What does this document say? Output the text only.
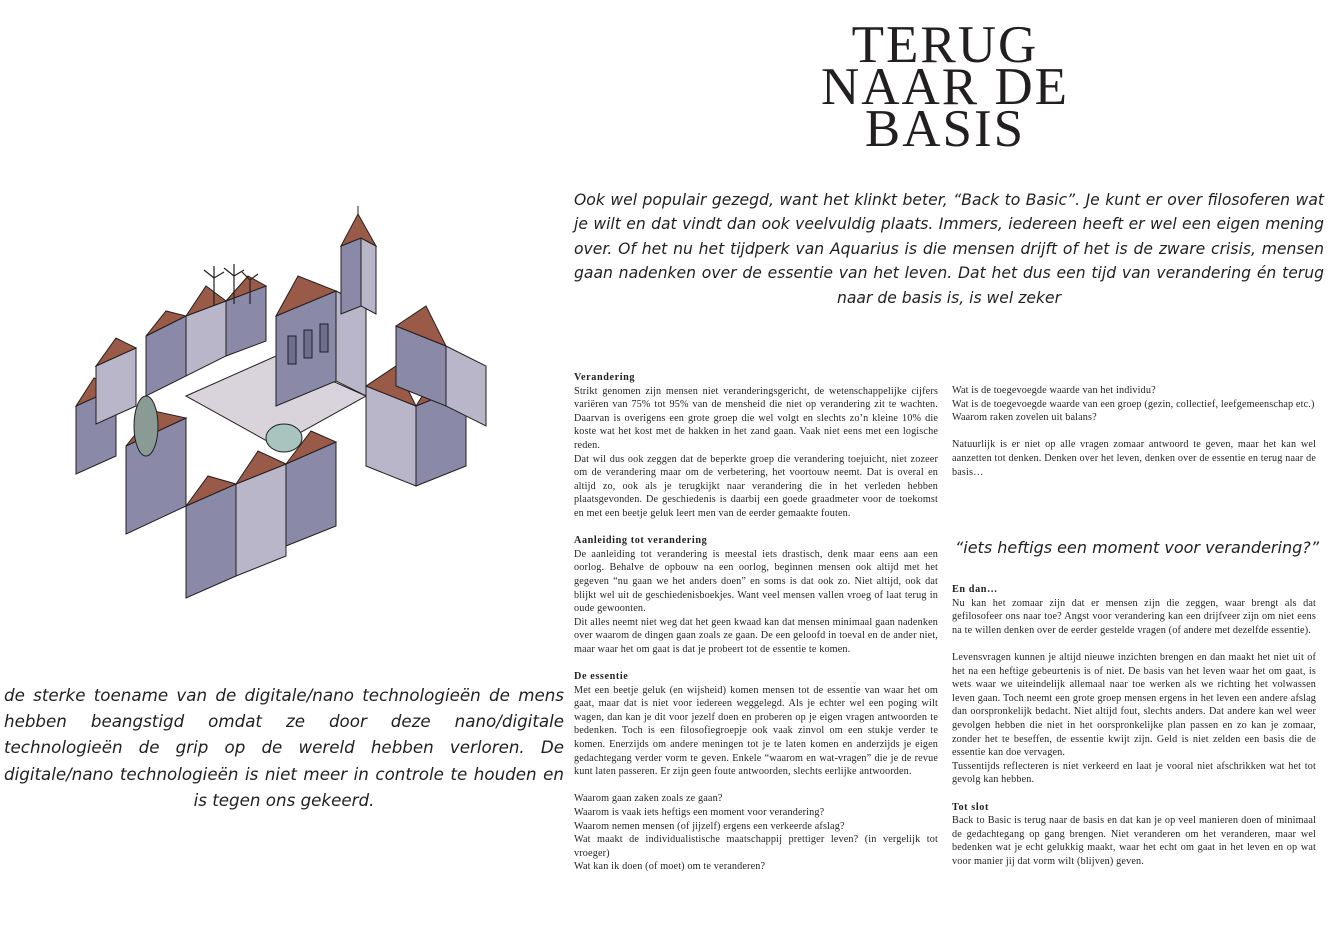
TERUG
NAAR DE
BASIS
Ook wel populair gezegd, want het klinkt beter, “Back to Basic”. Je kunt er over filosoferen wat je wilt en dat vindt dan ook veelvuldig plaats. Immers, iedereen heeft er wel een eigen mening over. Of het nu het tijdperk van Aquarius is die mensen drijft of het is de zware crisis, mensen gaan nadenken over de essentie van het leven. Dat het dus een tijd van verandering én terug naar de basis is, is wel zeker
de sterke toename van de digitale/nano technologieën de mens hebben beangstigd omdat ze door deze nano/digitale technologieën de grip op de wereld hebben verloren. De digitale/nano technologieën is niet meer in controle te houden en is tegen ons gekeerd.
Verandering

Strikt genomen zijn mensen niet veranderingsgericht, de wetenschappelijke cijfers variëren van 75% tot 95% van de mensheid die niet op verandering zit te wachten. Daarvan is overigens een grote groep die wel volgt en slechts zo’n kleine 10% die koste wat het kost met de hakken in het zand gaan. Vaak niet eens met een logische reden.

Dat wil dus ook zeggen dat de beperkte groep die verandering toejuicht, niet zozeer om de verandering maar om de verbetering, het voortouw neemt. Dat is overal en altijd zo, ook als je terugkijkt naar verandering die in het verleden hebben plaatsgevonden. De geschiedenis is daarbij een goede graadmeter voor de toekomst en met een beetje geluk leert men van de eerder gemaakte fouten.

Aanleiding tot verandering

De aanleiding tot verandering is meestal iets drastisch, denk maar eens aan een oorlog. Behalve de opbouw na een oorlog, beginnen mensen ook altijd met het gegeven “nu gaan we het anders doen” en soms is dat ook zo. Niet altijd, ook dat blijkt wel uit de geschiedenisboekjes. Want veel mensen vallen vroeg of laat terug in oude gewoonten.

Dit alles neemt niet weg dat het geen kwaad kan dat mensen minimaal gaan nadenken over waarom de dingen gaan zoals ze gaan. De een geloofd in toeval en de ander niet, maar waar het om gaat is dat je probeert tot de essentie te komen.

De essentie

Met een beetje geluk (en wijsheid) komen mensen tot de essentie van waar het om gaat, maar dat is niet voor iedereen weggelegd. Als je echter wel een poging wilt wagen, dan kan je dit voor jezelf doen en proberen op je eigen vragen antwoorden te bedenken. Toch is een filosofiegroepje ook vaak zinvol om een stukje verder te komen. Enerzijds om andere meningen tot je te laten komen en anderzijds je eigen gedachtegang verder vorm te geven. Enkele “waarom en wat-vragen” die je de revue kunt laten passeren. Er zijn geen foute antwoorden, slechts eerlijke antwoorden.

Waarom gaan zaken zoals ze gaan?

Waarom is vaak iets heftigs een moment voor verandering?

Waarom nemen mensen (of jijzelf) ergens een verkeerde afslag?

Wat maakt de individualistische maatschappij prettiger leven? (in vergelijk tot vroeger)

Wat kan ik doen (of moet) om te veranderen?

Wat is de toegevoegde waarde van het individu?

Wat is de toegevoegde waarde van een groep (gezin, collectief, leefgemeenschap etc.)

Waarom raken zovelen uit balans?

Natuurlijk is er niet op alle vragen zomaar antwoord te geven, maar het kan wel aanzetten tot denken. Denken over het leven, denken over de essentie en terug naar de basis…

“iets heftigs een moment voor verandering?”
En dan…

Nu kan het zomaar zijn dat er mensen zijn die zeggen, waar brengt als dat gefilosofeer ons naar toe? Angst voor verandering kan een drijfveer zijn om niet eens na te willen denken over de eerder gestelde vragen (of andere met dezelfde essentie).

Levensvragen kunnen je altijd nieuwe inzichten brengen en dan maakt het niet uit of het na een heftige gebeurtenis is of niet. De basis van het leven waar het om gaat, is wets waar we uiteindelijk allemaal naar toe werken als we richting het volwassen leven gaan. Toch neemt een grote groep mensen ergens in het leven een andere afslag dan oorspronkelijk bedacht. Niet altijd fout, slechts anders. Dat andere kan wel weer gevolgen hebben die niet in het oorspronkelijke plan passen en zo kan je zomaar, zonder het te beseffen, de essentie kwijt zijn. Geld is niet zelden een basis die de essentie kan doe vervagen.

Tussentijds reflecteren is niet verkeerd en laat je vooral niet afschrikken wat het tot gevolg kan hebben.

Tot slot

Back to Basic is terug naar de basis en dat kan je op veel manieren doen of minimaal de gedachtegang op gang brengen. Niet veranderen om het veranderen, maar wel bedenken wat je echt gelukkig maakt, waar het echt om gaat in het leven en op wat voor manier jij dat vorm wilt (blijven) geven.
